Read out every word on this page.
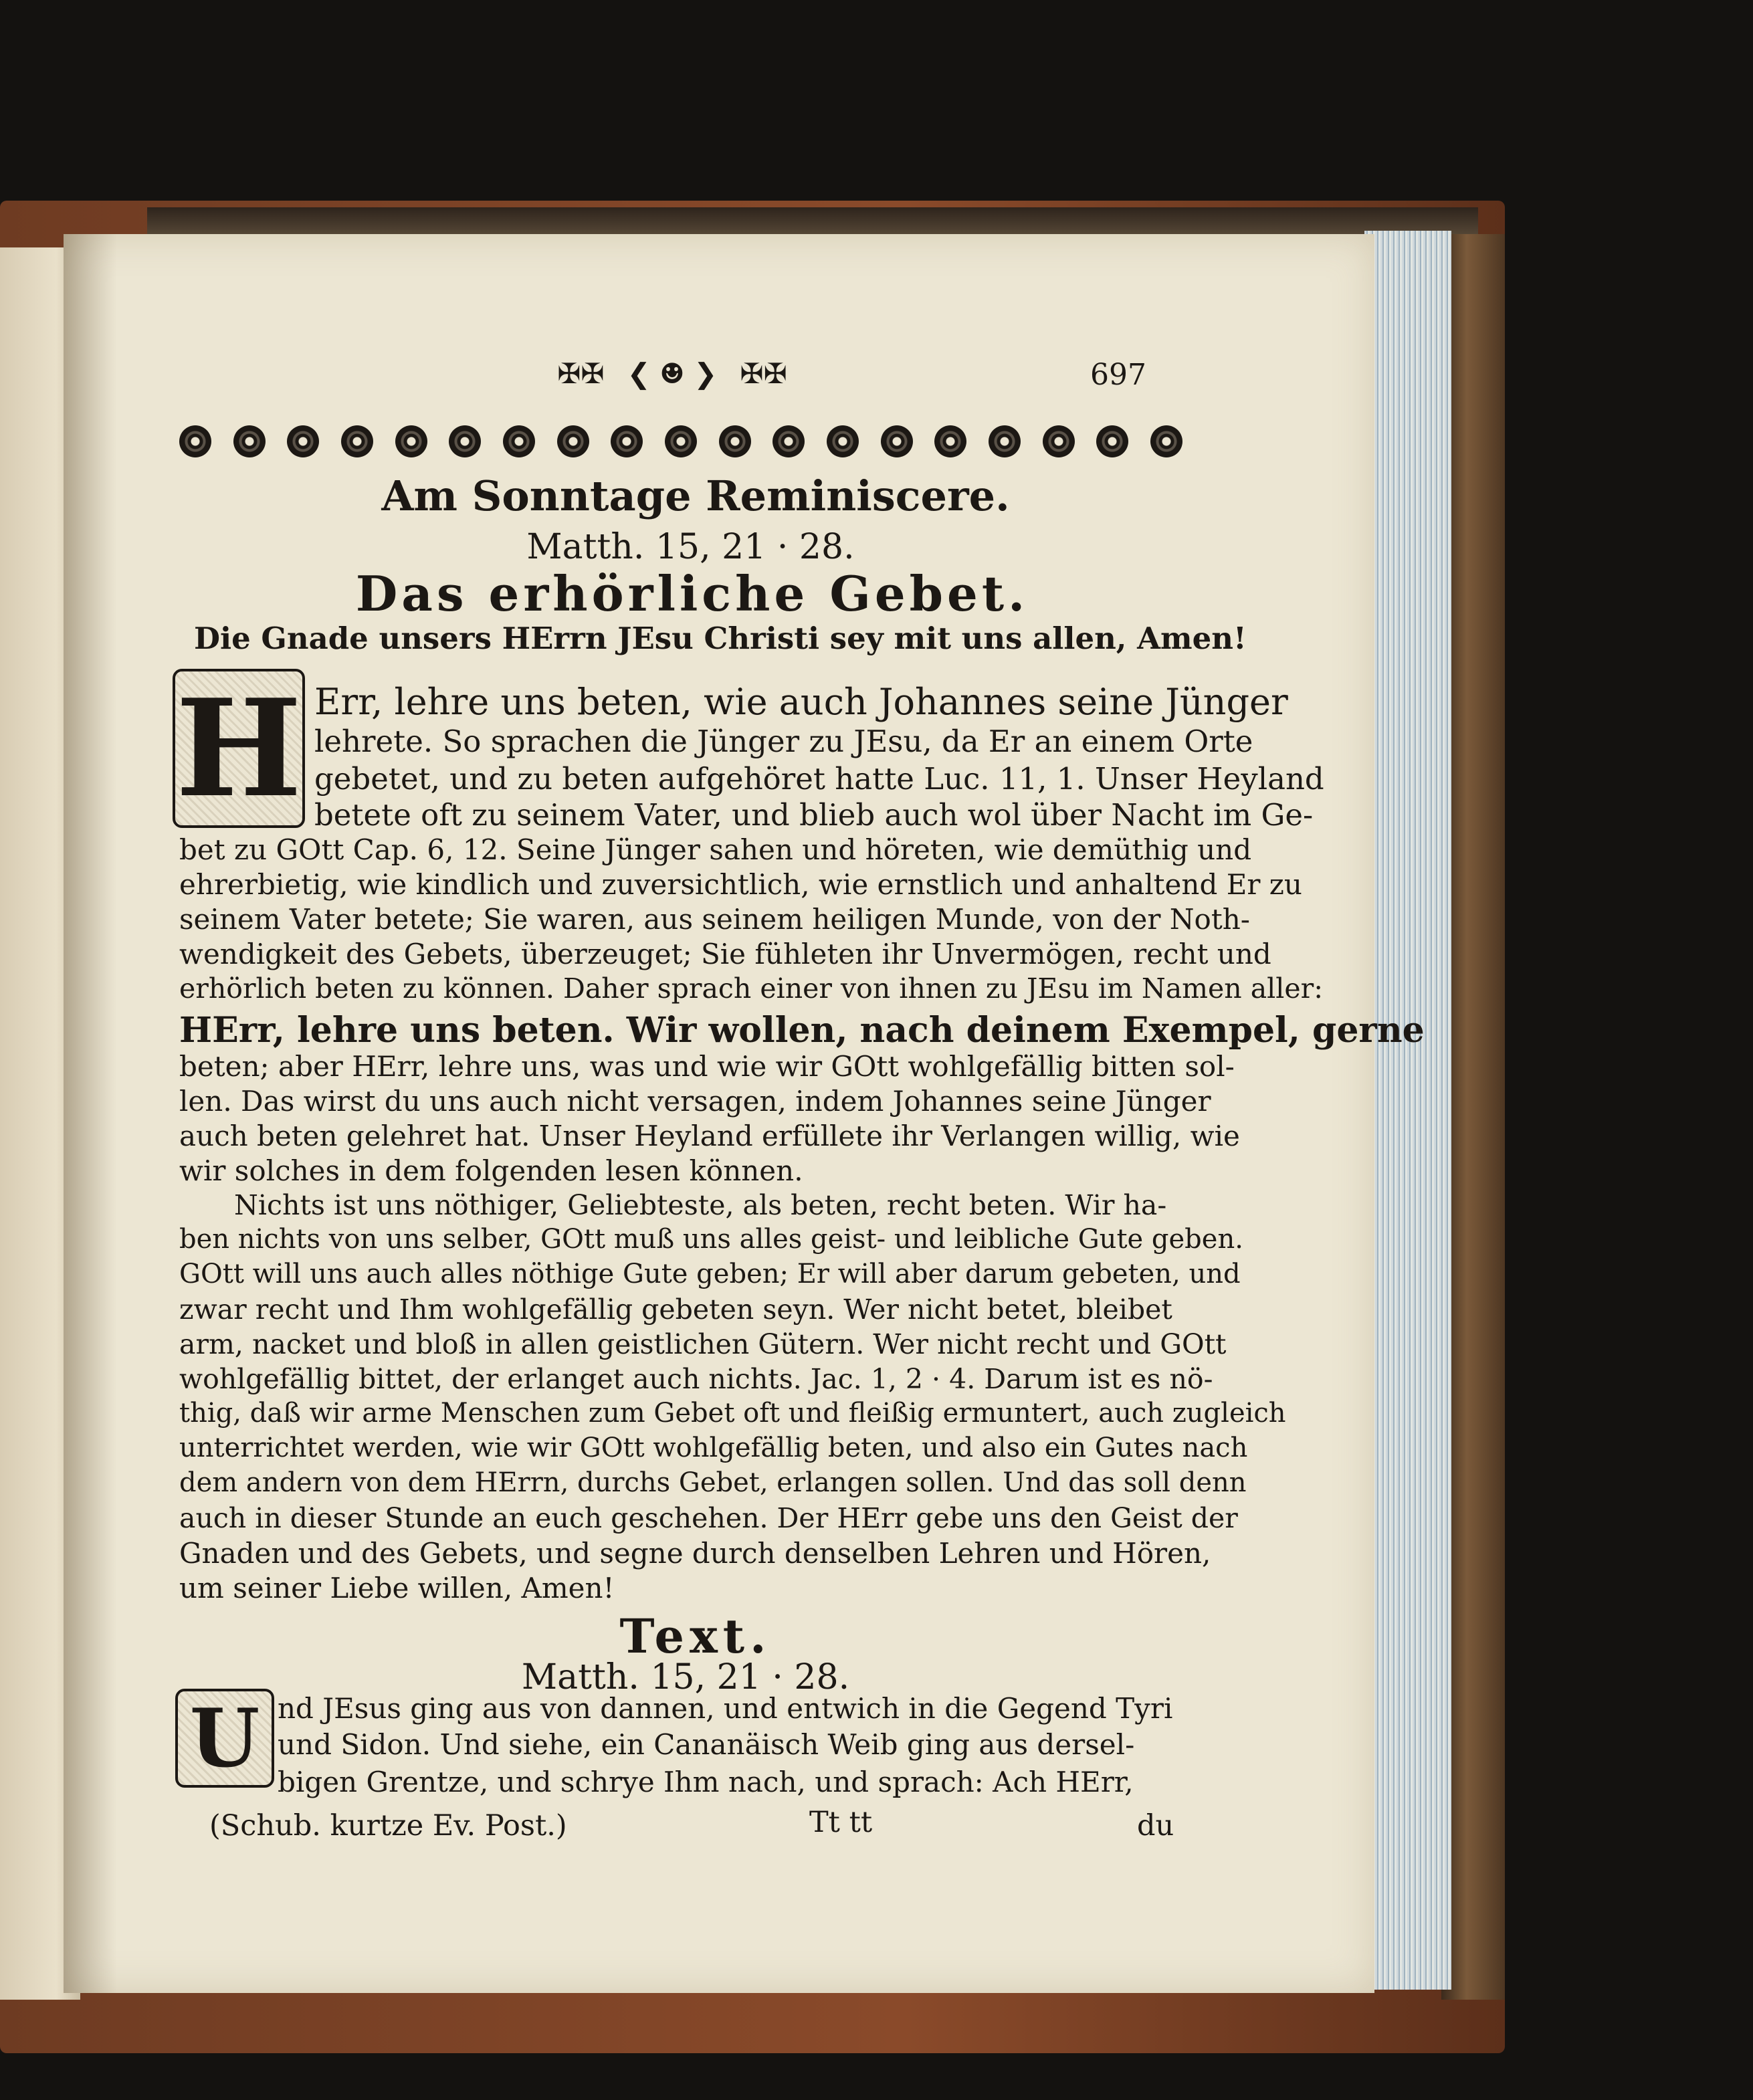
✠✠ ❮ ☻ ❯ ✠✠	697
Am Sonntage Reminiscere.
Matth. 15, 21 · 28.
Das erhörliche Gebet.
Die Gnade unsers HErrn JEsu Christi sey mit uns allen, Amen!
H Err, lehre uns beten, wie auch Johannes seine Jünger
lehrete. So sprachen die Jünger zu JEsu, da Er an einem Orte
gebetet, und zu beten aufgehöret hatte Luc. 11, 1. Unser Heyland
betete oft zu seinem Vater, und blieb auch wol über Nacht im Ge-
bet zu GOtt Cap. 6, 12. Seine Jünger sahen und höreten, wie demüthig und
ehrerbietig, wie kindlich und zuversichtlich, wie ernstlich und anhaltend Er zu
seinem Vater betete; Sie waren, aus seinem heiligen Munde, von der Noth-
wendigkeit des Gebets, überzeuget; Sie fühleten ihr Unvermögen, recht und
erhörlich beten zu können. Daher sprach einer von ihnen zu JEsu im Namen aller:
HErr, lehre uns beten. Wir wollen, nach deinem Exempel, gerne
beten; aber HErr, lehre uns, was und wie wir GOtt wohlgefällig bitten sol-
len. Das wirst du uns auch nicht versagen, indem Johannes seine Jünger
auch beten gelehret hat. Unser Heyland erfüllete ihr Verlangen willig, wie
wir solches in dem folgenden lesen können.
Nichts ist uns nöthiger, Geliebteste, als beten, recht beten. Wir ha-
ben nichts von uns selber, GOtt muß uns alles geist- und leibliche Gute geben.
GOtt will uns auch alles nöthige Gute geben; Er will aber darum gebeten, und
zwar recht und Ihm wohlgefällig gebeten seyn. Wer nicht betet, bleibet
arm, nacket und bloß in allen geistlichen Gütern. Wer nicht recht und GOtt
wohlgefällig bittet, der erlanget auch nichts. Jac. 1, 2 · 4. Darum ist es nö-
thig, daß wir arme Menschen zum Gebet oft und fleißig ermuntert, auch zugleich
unterrichtet werden, wie wir GOtt wohlgefällig beten, und also ein Gutes nach
dem andern von dem HErrn, durchs Gebet, erlangen sollen. Und das soll denn
auch in dieser Stunde an euch geschehen. Der HErr gebe uns den Geist der
Gnaden und des Gebets, und segne durch denselben Lehren und Hören,
um seiner Liebe willen, Amen!
Text.
Matth. 15, 21 · 28.
U nd JEsus ging aus von dannen, und entwich in die Gegend Tyri
und Sidon. Und siehe, ein Cananäisch Weib ging aus dersel-
bigen Grentze, und schrye Ihm nach, und sprach: Ach HErr,
(Schub. kurtze Ev. Post.)	Tt tt	du
